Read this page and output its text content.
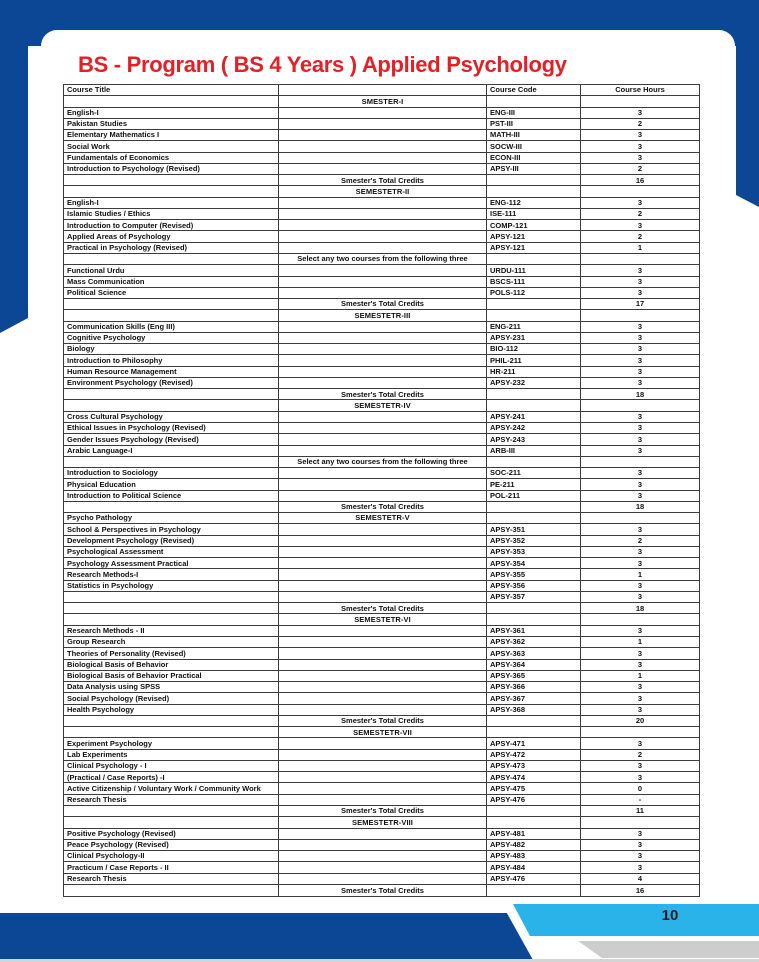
BS - Program ( BS 4 Years ) Applied Psychology
Course Title		Course Code	Course Hours
	SMESTER-I		
English-I		ENG-III	3
Pakistan Studies		PST-III	2
Elementary Mathematics I		MATH-III	3
Social Work		SOCW-III	3
Fundamentals of Economics		ECON-III	3
Introduction to Psychology (Revised)		APSY-III	2
	Smester's Total Credits		16
	SEMESTETR-II		
English-I		ENG-112	3
Islamic Studies / Ethics		ISE-111	2
Introduction to Computer (Revised)		COMP-121	3
Applied Areas of Psychology		APSY-121	2
Practical in Psychology (Revised)		APSY-121	1
	Select any two courses from the following three		
Functional Urdu		URDU-111	3
Mass Communication		BSCS-111	3
Political Science		POLS-112	3
	Smester's Total Credits		17
	SEMESTETR-III		
Communication Skills (Eng III)		ENG-211	3
Cognitive Psychology		APSY-231	3
Biology		BIO-112	3
Introduction to Philosophy		PHIL-211	3
Human Resource Management		HR-211	3
Environment Psychology (Revised)		APSY-232	3
	Smester's Total Credits		18
	SEMESTETR-IV		
Cross Cultural Psychology		APSY-241	3
Ethical Issues in Psychology (Revised)		APSY-242	3
Gender Issues Psychology (Revised)		APSY-243	3
Arabic Language-I		ARB-III	3
	Select any two courses from the following three		
Introduction to Sociology		SOC-211	3
Physical Education		PE-211	3
Introduction to Political Science		POL-211	3
	Smester's Total Credits		18
Psycho Pathology	SEMESTETR-V		
School & Perspectives in Psychology		APSY-351	3
Development Psychology (Revised)		APSY-352	2
Psychological Assessment		APSY-353	3
Psychology Assessment Practical		APSY-354	3
Research Methods-I		APSY-355	1
Statistics in Psychology		APSY-356	3
		APSY-357	3
	Smester's Total Credits		18
	SEMESTETR-VI		
Research Methods - II		APSY-361	3
Group Research		APSY-362	1
Theories of Personality (Revised)		APSY-363	3
Biological Basis of Behavior		APSY-364	3
Biological Basis of Behavior Practical		APSY-365	1
Data Analysis using SPSS		APSY-366	3
Social Psychology (Revised)		APSY-367	3
Health Psychology		APSY-368	3
	Smester's Total Credits		20
	SEMESTETR-VII		
Experiment Psychology		APSY-471	3
Lab Experiments		APSY-472	2
Clinical Psychology - I		APSY-473	3
(Practical / Case Reports) -I		APSY-474	3
Active Citizenship / Voluntary Work / Community Work		APSY-475	0
Research Thesis		APSY-476	-
	Smester's Total Credits		11
	SEMESTETR-VIII		
Positive Psychology (Revised)		APSY-481	3
Peace Psychology (Revised)		APSY-482	3
Clinical Psychology-II		APSY-483	3
Practicum / Case Reports - II		APSY-484	3
Research Thesis		APSY-476	4
	Smester's Total Credits		16
10
